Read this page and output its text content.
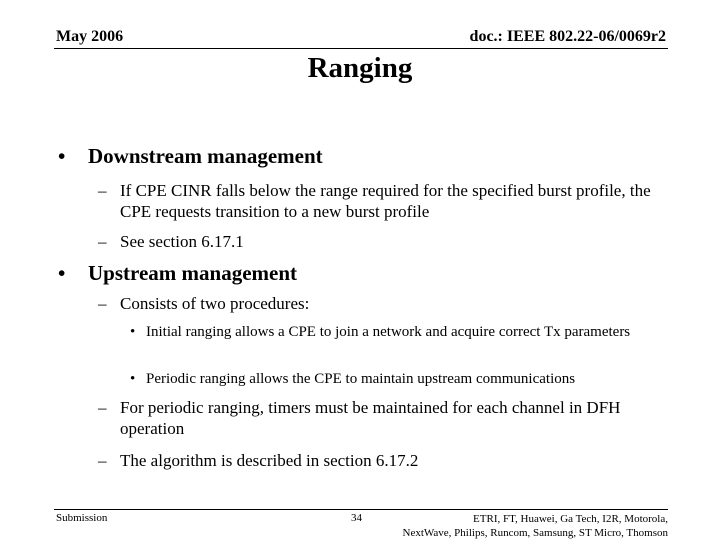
May 2006	doc.: IEEE 802.22-06/0069r2
Ranging
• Downstream management
– If CPE CINR falls below the range required for the specified burst profile, the CPE requests transition to a new burst profile
– See section 6.17.1
• Upstream management
– Consists of two procedures:
• Initial ranging allows a CPE to join a network and acquire correct Tx parameters
• Periodic ranging allows the CPE to maintain upstream communications
– For periodic ranging, timers must be maintained for each channel in DFH operation
– The algorithm is described in section 6.17.2
Submission	34	ETRI, FT, Huawei, Ga Tech, I2R, Motorola,
NextWave, Philips, Runcom, Samsung, ST Micro, Thomson
